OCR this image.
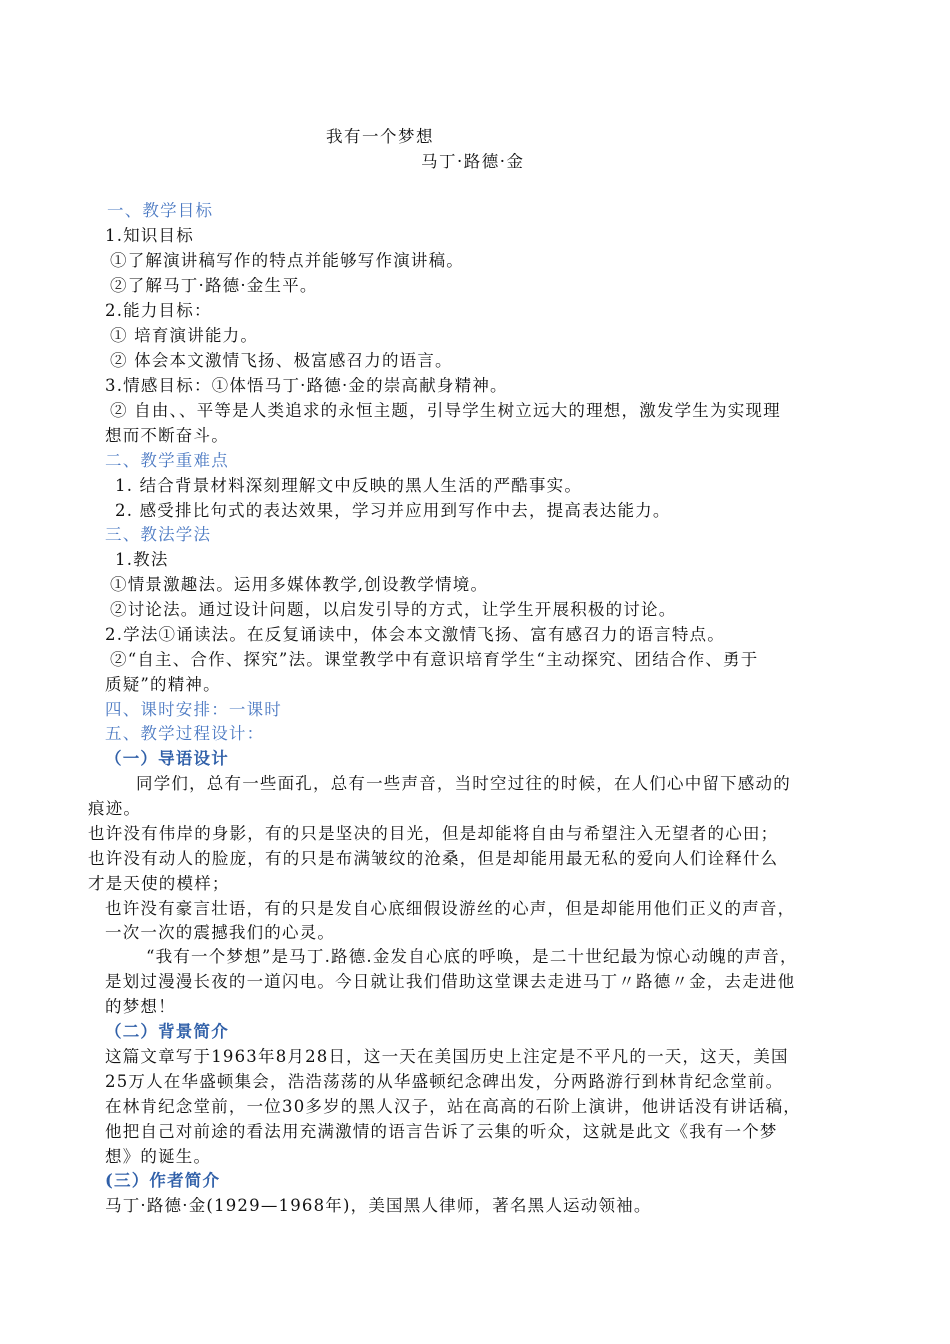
我有一个梦想
马丁·路德·金
一、教学目标
1.知识目标
①了解演讲稿写作的特点并能够写作演讲稿。
②了解马丁·路德·金生平。
2.能力目标：
① 培育演讲能力。
② 体会本文激情飞扬、极富感召力的语言。
3.情感目标：①体悟马丁·路德·金的崇高献身精神。
② 自由、、平等是人类追求的永恒主题，引导学生树立远大的理想，激发学生为实现理
想而不断奋斗。
二、教学重难点
1. 结合背景材料深刻理解文中反映的黑人生活的严酷事实。
2. 感受排比句式的表达效果，学习并应用到写作中去，提高表达能力。
三、教法学法
1.教法
①情景激趣法。运用多媒体教学,创设教学情境。
②讨论法。通过设计问题，以启发引导的方式，让学生开展积极的讨论。
2.学法①诵读法。在反复诵读中，体会本文激情飞扬、富有感召力的语言特点。
②“自主、合作、探究”法。课堂教学中有意识培育学生“主动探究、团结合作、勇于
质疑”的精神。
四、课时安排：一课时
五、教学过程设计：
（一）导语设计
同学们，总有一些面孔，总有一些声音，当时空过往的时候，在人们心中留下感动的
痕迹。
也许没有伟岸的身影，有的只是坚决的目光，但是却能将自由与希望注入无望者的心田；
也许没有动人的脸庞，有的只是布满皱纹的沧桑，但是却能用最无私的爱向人们诠释什么
才是天使的模样；
也许没有豪言壮语，有的只是发自心底细假设游丝的心声，但是却能用他们正义的声音，
一次一次的震撼我们的心灵。
“我有一个梦想”是马丁.路德.金发自心底的呼唤，是二十世纪最为惊心动魄的声音，
是划过漫漫长夜的一道闪电。今日就让我们借助这堂课去走进马丁〃路德〃金，去走进他
的梦想！
（二）背景简介
这篇文章写于1963年8月28日，这一天在美国历史上注定是不平凡的一天，这天，美国
25万人在华盛顿集会，浩浩荡荡的从华盛顿纪念碑出发，分两路游行到林肯纪念堂前。
在林肯纪念堂前，一位30多岁的黑人汉子，站在高高的石阶上演讲，他讲话没有讲话稿，
他把自己对前途的看法用充满激情的语言告诉了云集的听众，这就是此文《我有一个梦
想》的诞生。
(三）作者简介
马丁·路德·金(1929—1968年)，美国黑人律师，著名黑人运动领袖。
